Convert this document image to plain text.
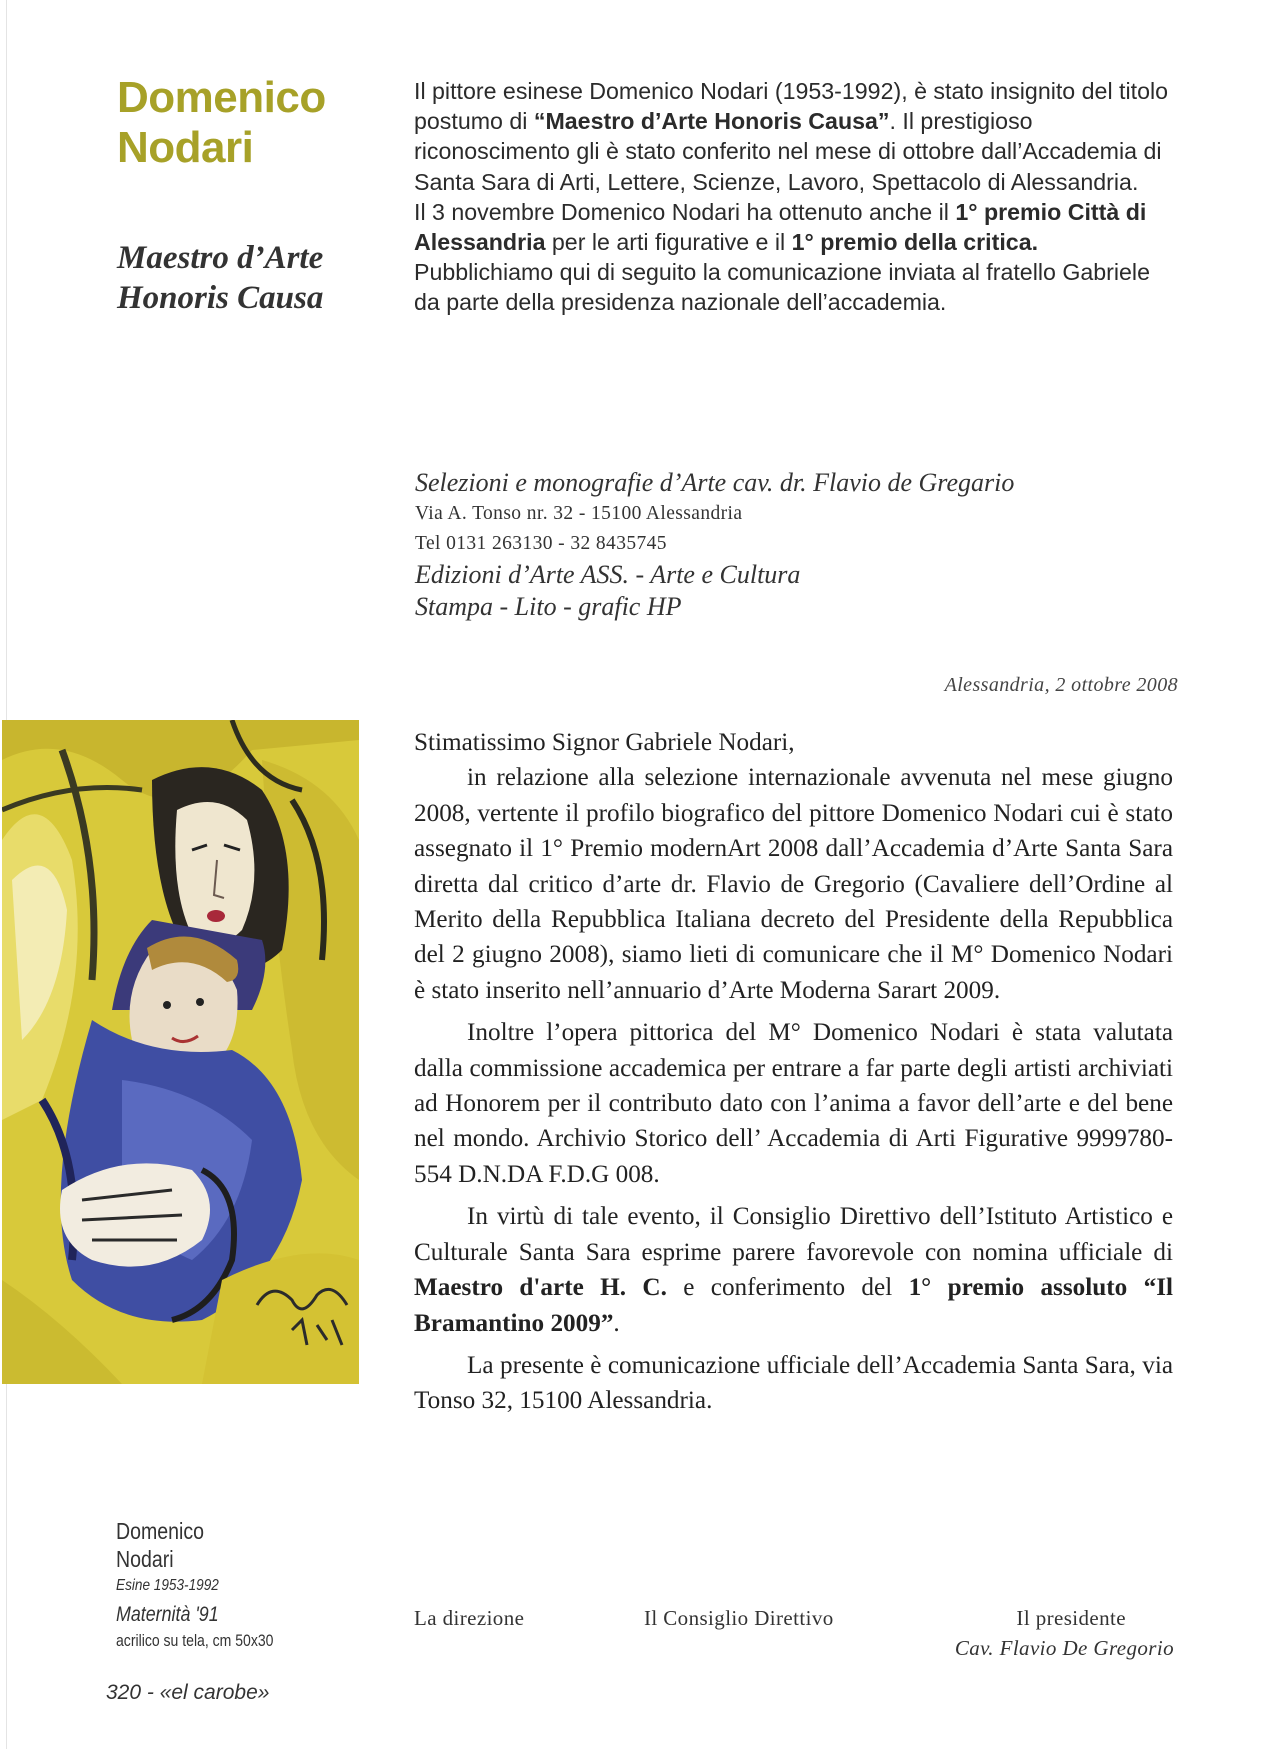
Domenico
Nodari
Maestro d’Arte
Honoris Causa

Il pittore esinese Domenico Nodari (1953-1992), è stato insignito del titolo postumo di “Maestro d’Arte Honoris Causa”. Il prestigioso riconoscimento gli è stato conferito nel mese di ottobre dall’Accademia di Santa Sara di Arti, Lettere, Scienze, Lavoro, Spettacolo di Alessandria.

Il 3 novembre Domenico Nodari ha ottenuto anche il 1° premio Città di Alessandria per le arti figurative e il 1° premio della critica.

Pubblichiamo qui di seguito la comunicazione inviata al fratello Gabriele da parte della presidenza nazionale dell’accademia.

Selezioni e monografie d’Arte cav. dr. Flavio de Gregario
Via A. Tonso nr. 32 - 15100 Alessandria
Tel 0131 263130 - 32 8435745
Edizioni d’Arte ASS. - Arte e Cultura
Stampa - Lito - grafic HP
Alessandria, 2 ottobre 2008

Stimatissimo Signor Gabriele Nodari,

in relazione alla selezione internazionale avvenuta nel mese giugno 2008, vertente il profilo biografico del pittore Domenico Nodari cui è stato assegnato il 1° Premio modernArt 2008 dall’Accademia d’Arte Santa Sara diretta dal critico d’arte dr. Flavio de Gregorio (Cavaliere dell’Ordine al Merito della Repubblica Italiana decreto del Presidente della Repubblica del 2 giugno 2008), siamo lieti di comunicare che il M° Domenico Nodari è stato inserito nell’annuario d’Arte Moderna Sarart 2009.

Inoltre l’opera pittorica del M° Domenico Nodari è stata valutata dalla commissione accademica per entrare a far parte degli artisti archiviati ad Honorem per il contributo dato con l’anima a favor dell’arte e del bene nel mondo. Archivio Storico dell’ Accademia di Arti Figurative 9999780-554 D.N.DA F.D.G 008.

In virtù di tale evento, il Consiglio Direttivo dell’Istituto Artistico e Culturale Santa Sara esprime parere favorevole con nomina ufficiale di Maestro d'arte H. C. e conferimento del 1° premio assoluto “Il Bramantino 2009”.

La presente è comunicazione ufficiale dell’Accademia Santa Sara, via Tonso 32, 15100 Alessandria.

La direzione	Il Consiglio Direttivo	Il presidente
Cav. Flavio De Gregorio
Domenico
Nodari
Esine 1953-1992
Maternità '91
acrilico su tela, cm 50x30
320 - «el carobe»
